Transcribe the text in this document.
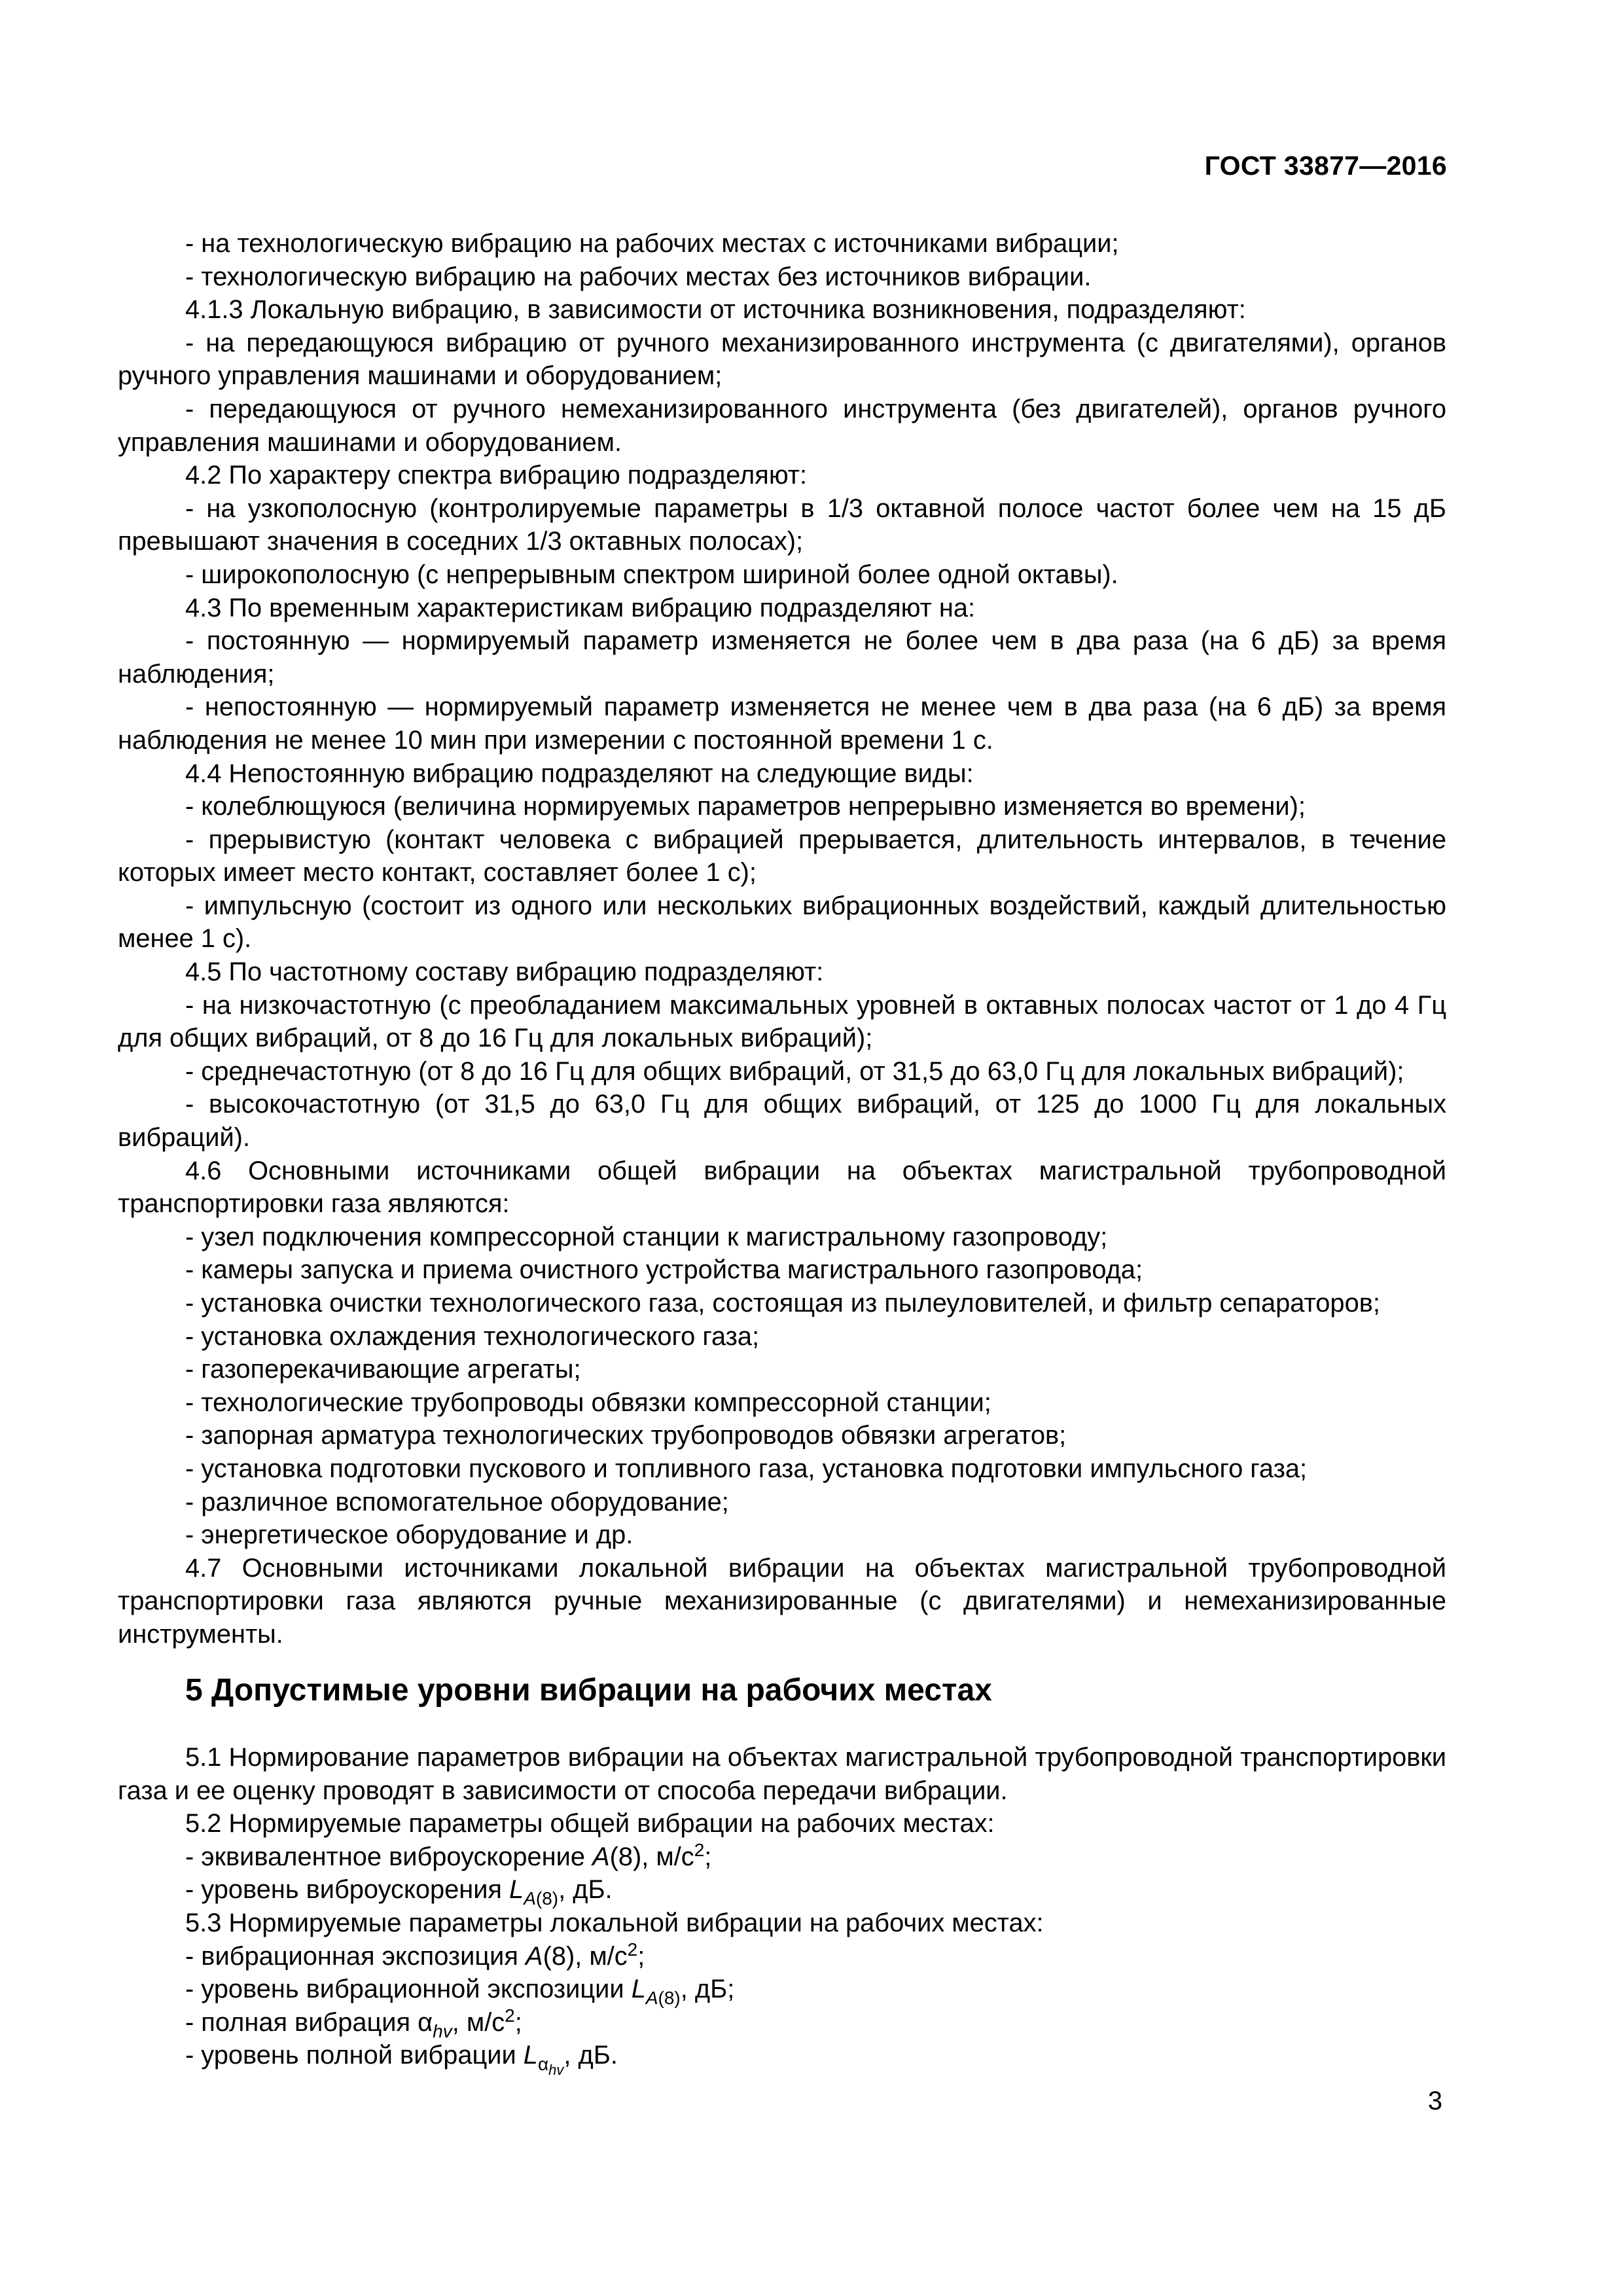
ГОСТ 33877—2016

- на технологическую вибрацию на рабочих местах с источниками вибрации;

- технологическую вибрацию на рабочих местах без источников вибрации.

4.1.3 Локальную вибрацию, в зависимости от источника возникновения, подразделяют:

- на передающуюся вибрацию от ручного механизированного инструмента (с двигателями), органов ручного управления машинами и оборудованием;

- передающуюся от ручного немеханизированного инструмента (без двигателей), органов ручного управления машинами и оборудованием.

4.2 По характеру спектра вибрацию подразделяют:

- на узкополосную (контролируемые параметры в 1/3 октавной полосе частот более чем на 15 дБ превышают значения в соседних 1/3 октавных полосах);

- широкополосную (с непрерывным спектром шириной более одной октавы).

4.3 По временным характеристикам вибрацию подразделяют на:

- постоянную — нормируемый параметр изменяется не более чем в два раза (на 6 дБ) за время наблюдения;

- непостоянную — нормируемый параметр изменяется не менее чем в два раза (на 6 дБ) за время наблюдения не менее 10 мин при измерении с постоянной времени 1 с.

4.4 Непостоянную вибрацию подразделяют на следующие виды:

- колеблющуюся (величина нормируемых параметров непрерывно изменяется во времени);

- прерывистую (контакт человека с вибрацией прерывается, длительность интервалов, в течение которых имеет место контакт, составляет более 1 с);

- импульсную (состоит из одного или нескольких вибрационных воздействий, каждый длительностью менее 1 с).

4.5 По частотному составу вибрацию подразделяют:

- на низкочастотную (с преобладанием максимальных уровней в октавных полосах частот от 1 до 4 Гц для общих вибраций, от 8 до 16 Гц для локальных вибраций);

- среднечастотную (от 8 до 16 Гц для общих вибраций, от 31,5 до 63,0 Гц для локальных вибраций);

- высокочастотную (от 31,5 до 63,0 Гц для общих вибраций, от 125 до 1000 Гц для локальных вибраций).

4.6 Основными источниками общей вибрации на объектах магистральной трубопроводной транспортировки газа являются:

- узел подключения компрессорной станции к магистральному газопроводу;

- камеры запуска и приема очистного устройства магистрального газопровода;

- установка очистки технологического газа, состоящая из пылеуловителей, и фильтр сепараторов;

- установка охлаждения технологического газа;

- газоперекачивающие агрегаты;

- технологические трубопроводы обвязки компрессорной станции;

- запорная арматура технологических трубопроводов обвязки агрегатов;

- установка подготовки пускового и топливного газа, установка подготовки импульсного газа;

- различное вспомогательное оборудование;

- энергетическое оборудование и др.

4.7 Основными источниками локальной вибрации на объектах магистральной трубопроводной транспортировки газа являются ручные механизированные (с двигателями) и немеханизированные инструменты.

5 Допустимые уровни вибрации на рабочих местах

5.1 Нормирование параметров вибрации на объектах магистральной трубопроводной транспортировки газа и ее оценку проводят в зависимости от способа передачи вибрации.

5.2 Нормируемые параметры общей вибрации на рабочих местах:

- эквивалентное виброускорение A(8), $м/с^2$;

- уровень виброускорения $L_{A(8)}$, дБ.

5.3 Нормируемые параметры локальной вибрации на рабочих местах:

- вибрационная экспозиция A(8), $м/с^2$;

- уровень вибрационной экспозиции $L_{A(8)}$, дБ;

- полная вибрация $\alpha_{hv}$, $м/с^2$;

- уровень полной вибрации $L_{\alpha_{hv}}$, дБ.

3
